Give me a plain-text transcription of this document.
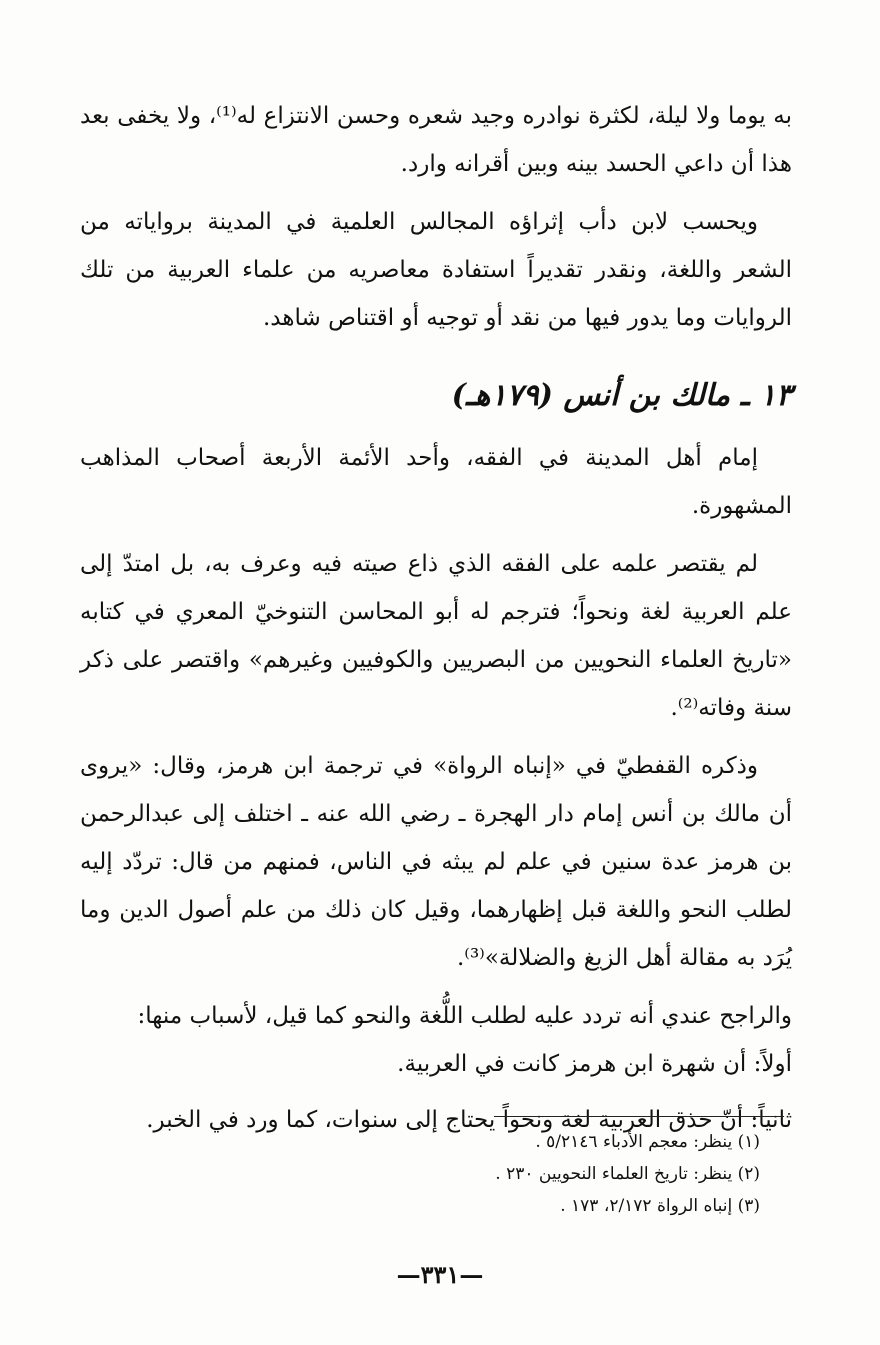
به يوما ولا ليلة، لكثرة نوادره وجيد شعره وحسن الانتزاع له⁽¹⁾، ولا يخفى بعد هذا أن داعي الحسد بينه وبين أقرانه وارد.

ويحسب لابن دأب إثراؤه المجالس العلمية في المدينة برواياته من الشعر واللغة، ونقدر تقديراً استفادة معاصريه من علماء العربية من تلك الروايات وما يدور فيها من نقد أو توجيه أو اقتناص شاهد.

١٣ ـ مالك بن أنس (١٧٩هـ)

إمام أهل المدينة في الفقه، وأحد الأئمة الأربعة أصحاب المذاهب المشهورة.

لم يقتصر علمه على الفقه الذي ذاع صيته فيه وعرف به، بل امتدّ إلى علم العربية لغة ونحواً؛ فترجم له أبو المحاسن التنوخيّ المعري في كتابه «تاريخ العلماء النحويين من البصريين والكوفيين وغيرهم» واقتصر على ذكر سنة وفاته⁽²⁾.

وذكره القفطيّ في «إنباه الرواة» في ترجمة ابن هرمز، وقال: «يروى أن مالك بن أنس إمام دار الهجرة ـ رضي الله عنه ـ اختلف إلى عبدالرحمن بن هرمز عدة سنين في علم لم يبثه في الناس، فمنهم من قال: تردّد إليه لطلب النحو واللغة قبل إظهارهما، وقيل كان ذلك من علم أصول الدين وما يُرَد به مقالة أهل الزيغ والضلالة»⁽³⁾.

والراجح عندي أنه تردد عليه لطلب اللُّغة والنحو كما قيل، لأسباب منها:

أولاً: أن شهرة ابن هرمز كانت في العربية.

ثانياً: أنّ حذق العربية لغة ونحواً يحتاج إلى سنوات، كما ورد في الخبر.

(١) ينظر: معجم الأدباء ٥/٢١٤٦ .
(٢) ينظر: تاريخ العلماء النحويين ٢٣٠ .
(٣) إنباه الرواة ٢/١٧٢، ١٧٣ .
—٣٣١—
